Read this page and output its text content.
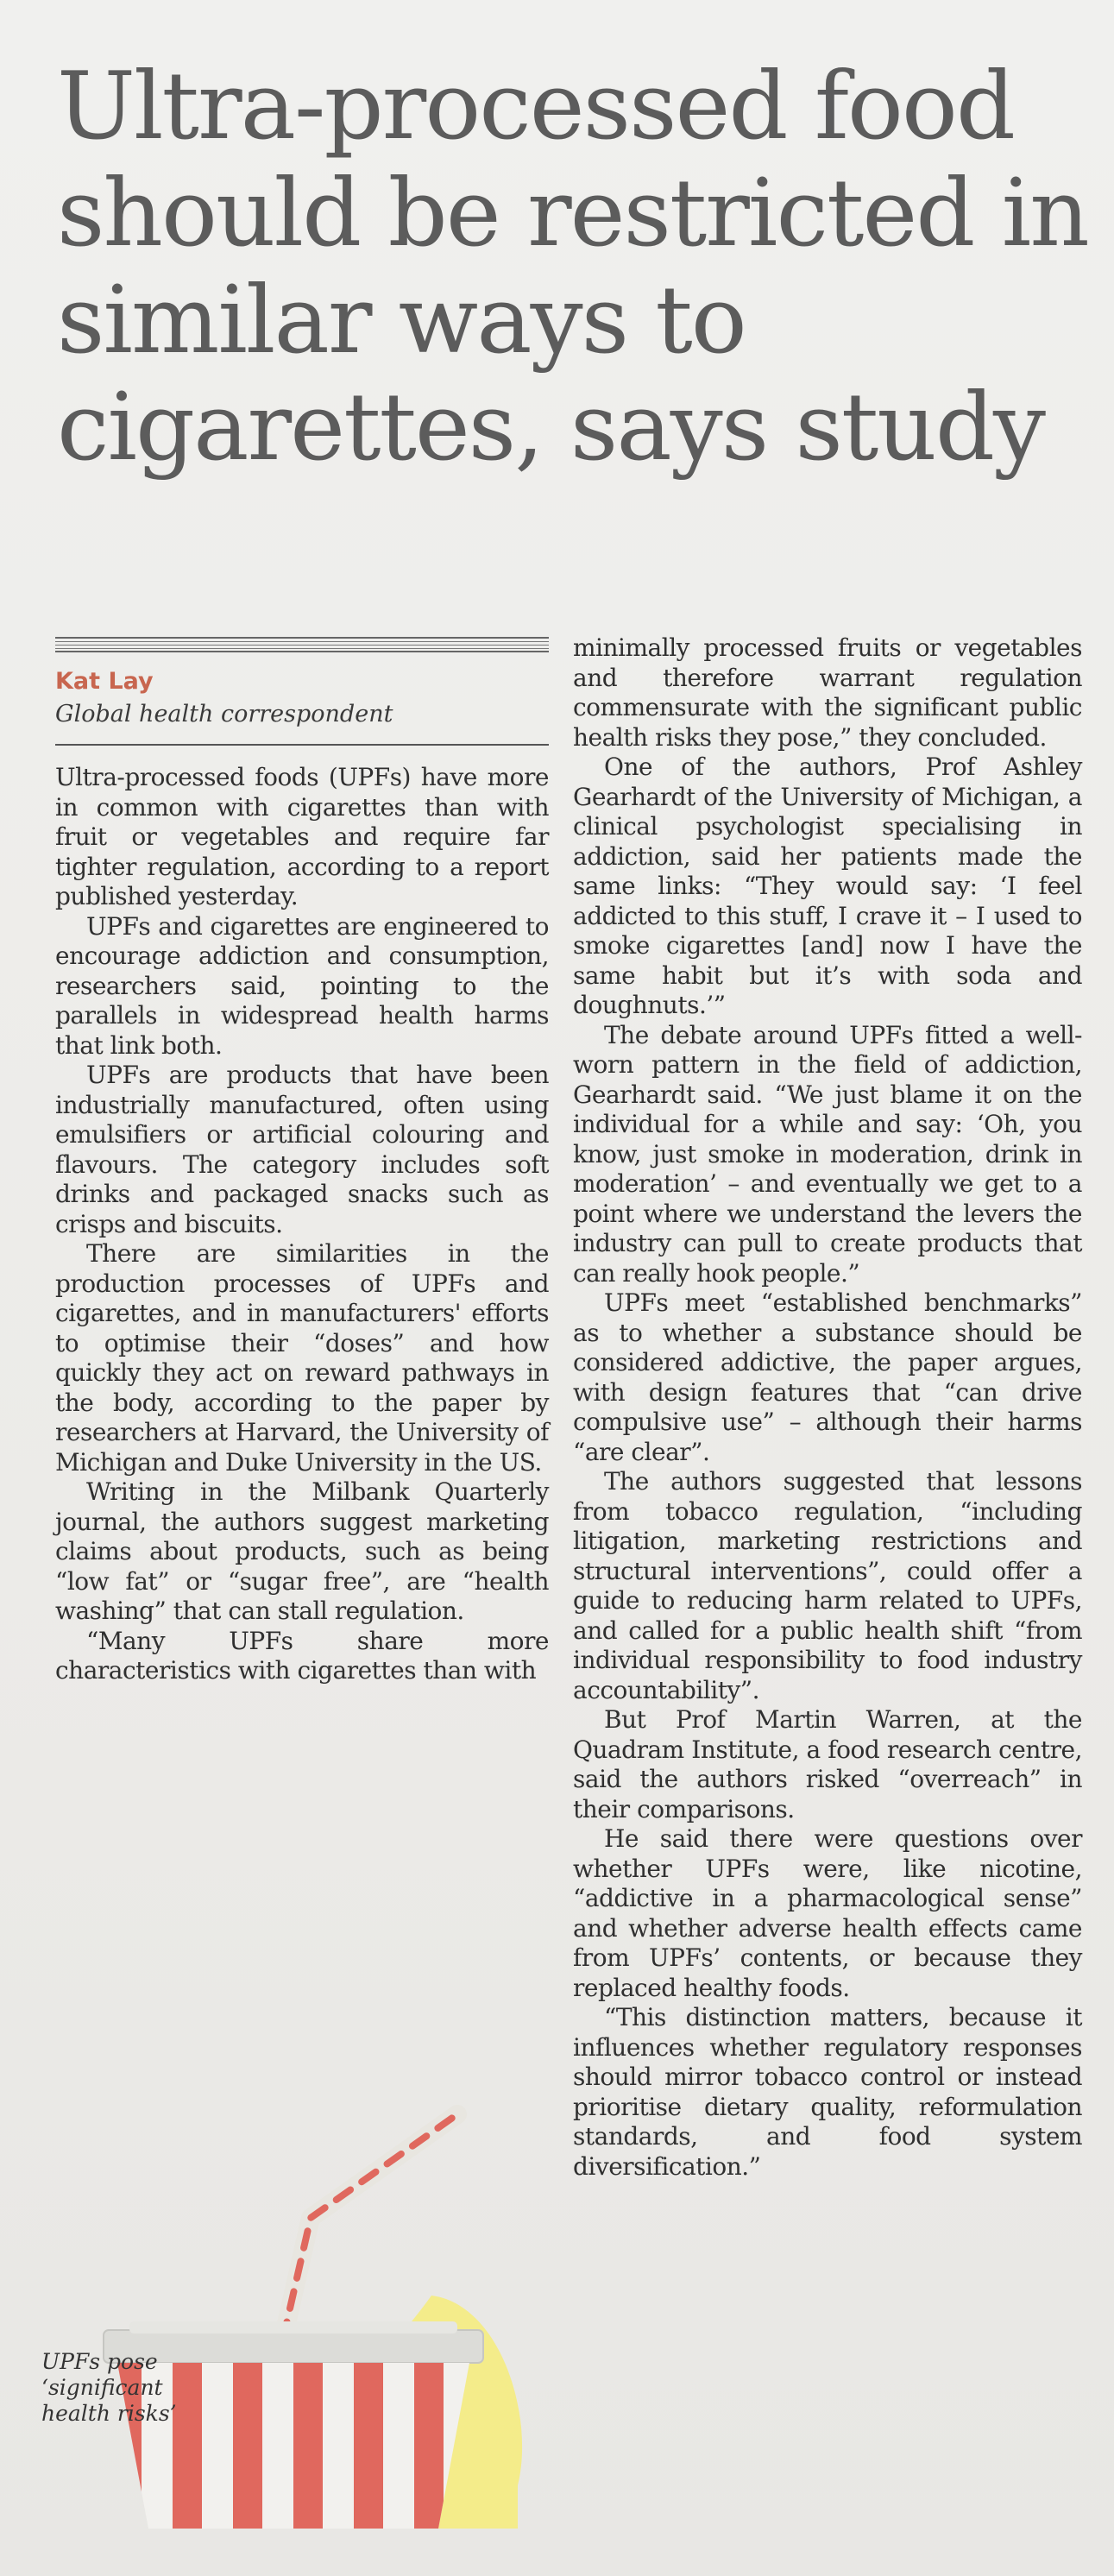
Ultra-processed food should be restricted in similar ways to cigarettes, says study
Kat Lay
Global health correspondent

Ultra-processed foods (UPFs) have more in common with cigarettes than with fruit or vegetables and require far tighter regulation, according to a report published yesterday.

UPFs and cigarettes are engineered to encourage addiction and consumption, researchers said, pointing to the parallels in widespread health harms that link both.

UPFs are products that have been industrially manufactured, often using emulsifiers or artificial colouring and flavours. The category includes soft drinks and packaged snacks such as crisps and biscuits.

There are similarities in the production processes of UPFs and cigarettes, and in manufacturers' efforts to optimise their “doses” and how quickly they act on reward pathways in the body, according to the paper by researchers at Harvard, the University of Michigan and Duke University in the US.

Writing in the Milbank Quarterly journal, the authors suggest marketing claims about products, such as being “low fat” or “sugar free”, are “health washing” that can stall regulation.

“Many UPFs share more characteristics with cigarettes than with

minimally processed fruits or vegetables and therefore warrant regulation commensurate with the significant public health risks they pose,” they concluded.

One of the authors, Prof Ashley Gearhardt of the University of Michigan, a clinical psychologist specialising in addiction, said her patients made the same links: “They would say: ‘I feel addicted to this stuff, I crave it – I used to smoke cigarettes [and] now I have the same habit but it’s with soda and doughnuts.’”

The debate around UPFs fitted a well-worn pattern in the field of addiction, Gearhardt said. “We just blame it on the individual for a while and say: ‘Oh, you know, just smoke in moderation, drink in moderation’ – and eventually we get to a point where we understand the levers the industry can pull to create products that can really hook people.”

UPFs meet “established benchmarks” as to whether a substance should be considered addictive, the paper argues, with design features that “can drive compulsive use” – although their harms “are clear”.

The authors suggested that lessons from tobacco regulation, “including litigation, marketing restrictions and structural interventions”, could offer a guide to reducing harm related to UPFs, and called for a public health shift “from individual responsibility to food industry accountability”.

But Prof Martin Warren, at the Quadram Institute, a food research centre, said the authors risked “overreach” in their comparisons.

He said there were questions over whether UPFs were, like nicotine, “addictive in a pharmacological sense” and whether adverse health effects came from UPFs’ contents, or because they replaced healthy foods.

“This distinction matters, because it influences whether regulatory responses should mirror tobacco control or instead prioritise dietary quality, reformulation standards, and food system diversification.”

UPFs pose
‘significant
health risks’
